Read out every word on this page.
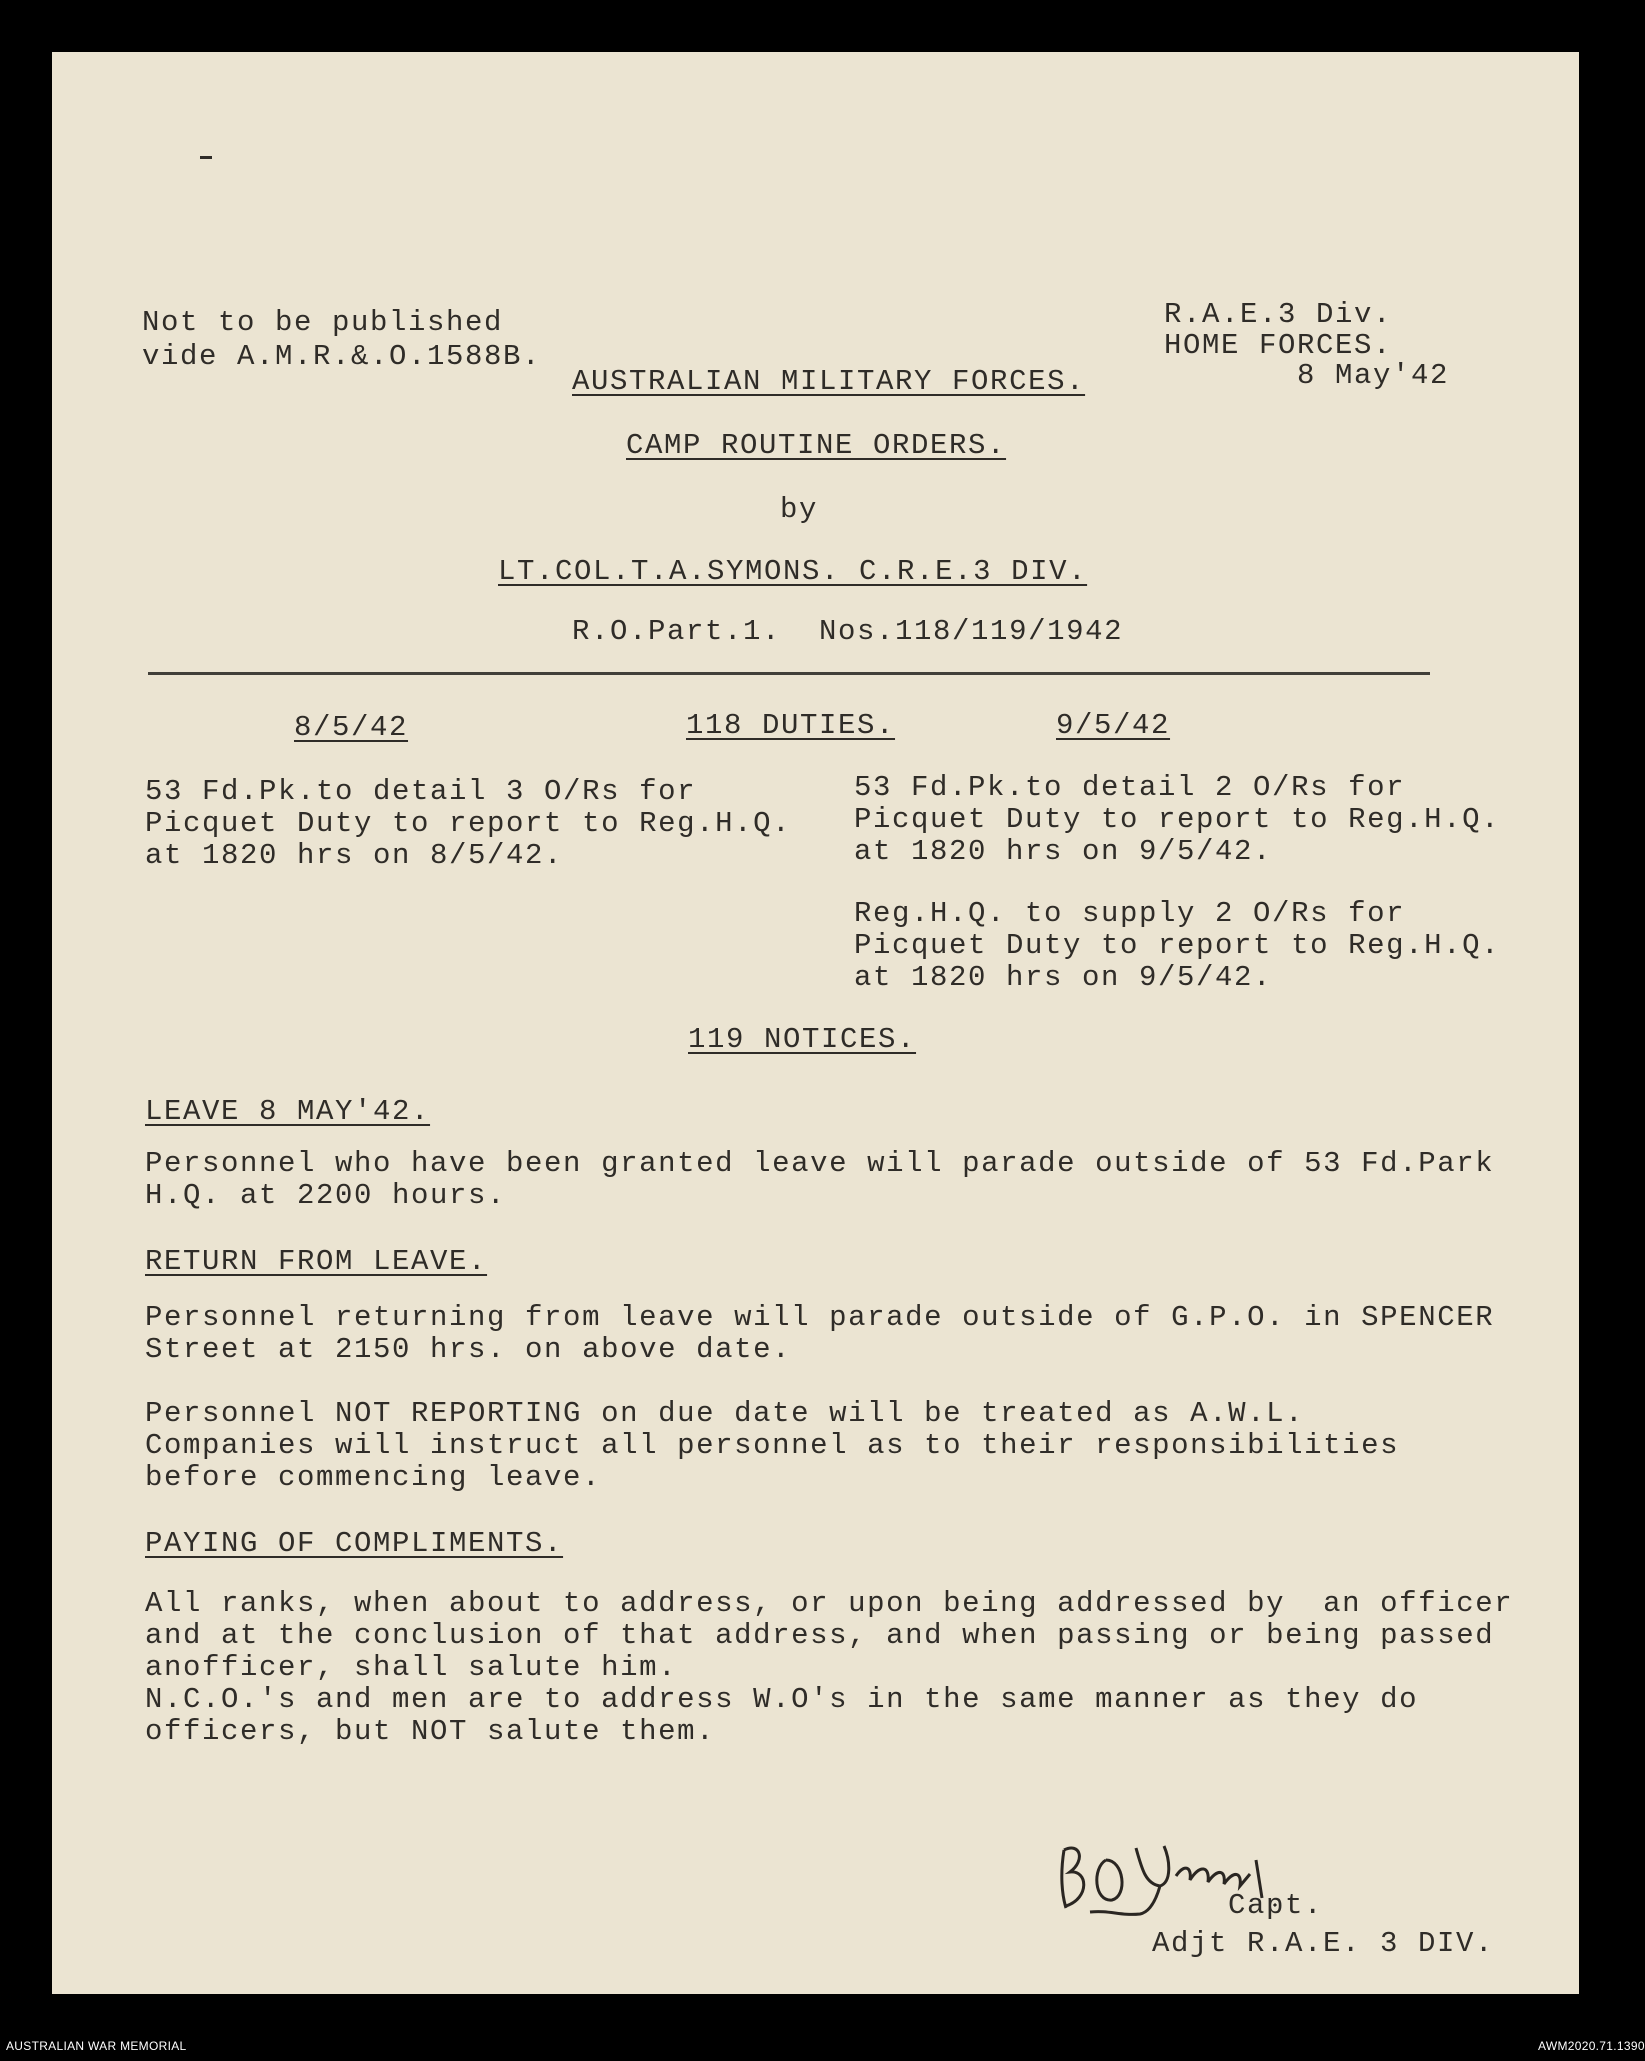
Not to be published
vide A.M.R.&.O.1588B.
R.A.E.3 Div.
HOME FORCES.
8 May'42
AUSTRALIAN MILITARY FORCES.
CAMP ROUTINE ORDERS.
by
LT.COL.T.A.SYMONS. C.R.E.3 DIV.
R.O.Part.1.  Nos.118/119/1942
8/5/42	118 DUTIES.	9/5/42
53 Fd.Pk.to detail 3 O/Rs for
Picquet Duty to report to Reg.H.Q.
at 1820 hrs on 8/5/42.
53 Fd.Pk.to detail 2 O/Rs for
Picquet Duty to report to Reg.H.Q.
at 1820 hrs on 9/5/42.
Reg.H.Q. to supply 2 O/Rs for
Picquet Duty to report to Reg.H.Q.
at 1820 hrs on 9/5/42.
119 NOTICES.
LEAVE 8 MAY'42.
Personnel who have been granted leave will parade outside of 53 Fd.Park
H.Q. at 2200 hours.
RETURN FROM LEAVE.
Personnel returning from leave will parade outside of G.P.O. in SPENCER
Street at 2150 hrs. on above date.
Personnel NOT REPORTING on due date will be treated as A.W.L.
Companies will instruct all personnel as to their responsibilities
before commencing leave.
PAYING OF COMPLIMENTS.
All ranks, when about to address, or upon being addressed by  an officer
and at the conclusion of that address, and when passing or being passed
anofficer, shall salute him.
N.C.O.'s and men are to address W.O's in the same manner as they do
officers, but NOT salute them.
Capt.
Adjt R.A.E. 3 DIV.
AUSTRALIAN WAR MEMORIAL	AWM2020.71.1390
